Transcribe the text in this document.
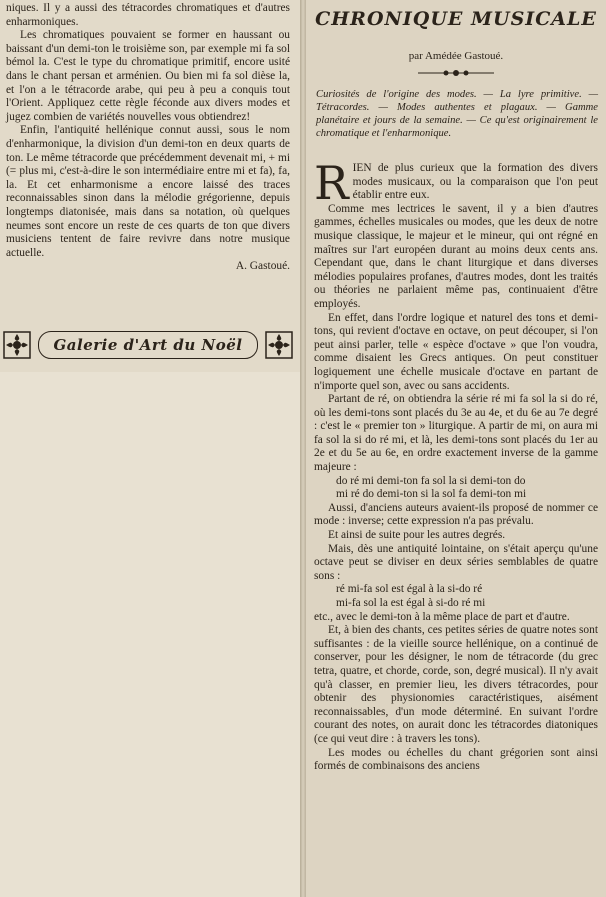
niques. Il y a aussi des tétracordes chromatiques et d'autres enharmoniques.

Les chromatiques pouvaient se former en haussant ou baissant d'un demi-ton le troisième son, par exemple mi fa sol bémol la. C'est le type du chromatique primitif, encore usité dans le chant persan et arménien. Ou bien mi fa sol dièse la, et l'on a le tétracorde arabe, qui peu à peu a conquis tout l'Orient. Appliquez cette règle féconde aux divers modes et jugez combien de variétés nouvelles vous obtiendrez!

Enfin, l'antiquité hellénique connut aussi, sous le nom d'enharmonique, la division d'un demi-ton en deux quarts de ton. Le même tétracorde que précédemment devenait mi, + mi (= plus mi, c'est-à-dire le son intermédiaire entre mi et fa), fa, la. Et cet enharmonisme a encore laissé des traces reconnaissables sinon dans la mélodie grégorienne, depuis longtemps diatonisée, mais dans sa notation, où quelques neumes sont encore un reste de ces quarts de ton que divers musiciens tentent de faire revivre dans notre musique actuelle.

A. Gastoué.

Galerie d'Art du Noël
CHRONIQUE MUSICALE
par Amédée Gastoué.
Curiosités de l'origine des modes. — La lyre primitive. — Tétracordes. — Modes authentes et plagaux. — Gamme planétaire et jours de la semaine. — Ce qu'est originairement le chromatique et l'enharmonique.
R IEN de plus curieux que la formation des divers modes musicaux, ou la comparaison que l'on peut établir entre eux.

Comme mes lectrices le savent, il y a bien d'autres gammes, échelles musicales ou modes, que les deux de notre musique classique, le majeur et le mineur, qui ont régné en maîtres sur l'art européen durant au moins deux cents ans. Cependant que, dans le chant liturgique et dans diverses mélodies populaires profanes, d'autres modes, dont les traités ou théories ne parlaient même pas, continuaient d'être employés.

En effet, dans l'ordre logique et naturel des tons et demi-tons, qui revient d'octave en octave, on peut découper, si l'on peut ainsi parler, telle « espèce d'octave » que l'on voudra, comme disaient les Grecs antiques. On peut constituer logiquement une échelle musicale d'octave en partant de n'importe quel son, avec ou sans accidents.

Partant de ré, on obtiendra la série ré mi fa sol la si do ré, où les demi-tons sont placés du 3e au 4e, et du 6e au 7e degré : c'est le « premier ton » liturgique. A partir de mi, on aura mi fa sol la si do ré mi, et là, les demi-tons sont placés du 1er au 2e et du 5e au 6e, en ordre exactement inverse de la gamme majeure :

do ré mi demi-ton fa sol la si demi-ton do

mi ré do demi-ton si la sol fa demi-ton mi

Aussi, d'anciens auteurs avaient-ils proposé de nommer ce mode : inverse; cette expression n'a pas prévalu.

Et ainsi de suite pour les autres degrés.

Mais, dès une antiquité lointaine, on s'était aperçu qu'une octave peut se diviser en deux séries semblables de quatre sons :

ré mi-fa sol est égal à la si-do ré

mi-fa sol la est égal à si-do ré mi

etc., avec le demi-ton à la même place de part et d'autre.

Et, à bien des chants, ces petites séries de quatre notes sont suffisantes : de la vieille source hellénique, on a continué de conserver, pour les désigner, le nom de tétracorde (du grec tetra, quatre, et chorde, corde, son, degré musical). Il n'y avait qu'à classer, en premier lieu, les divers tétracordes, pour obtenir des physionomies caractéristiques, aisément reconnaissables, d'un mode déterminé. En suivant l'ordre courant des notes, on aurait donc les tétracordes diatoniques (ce qui veut dire : à travers les tons).

Les modes ou échelles du chant grégorien sont ainsi formés de combinaisons des anciens
